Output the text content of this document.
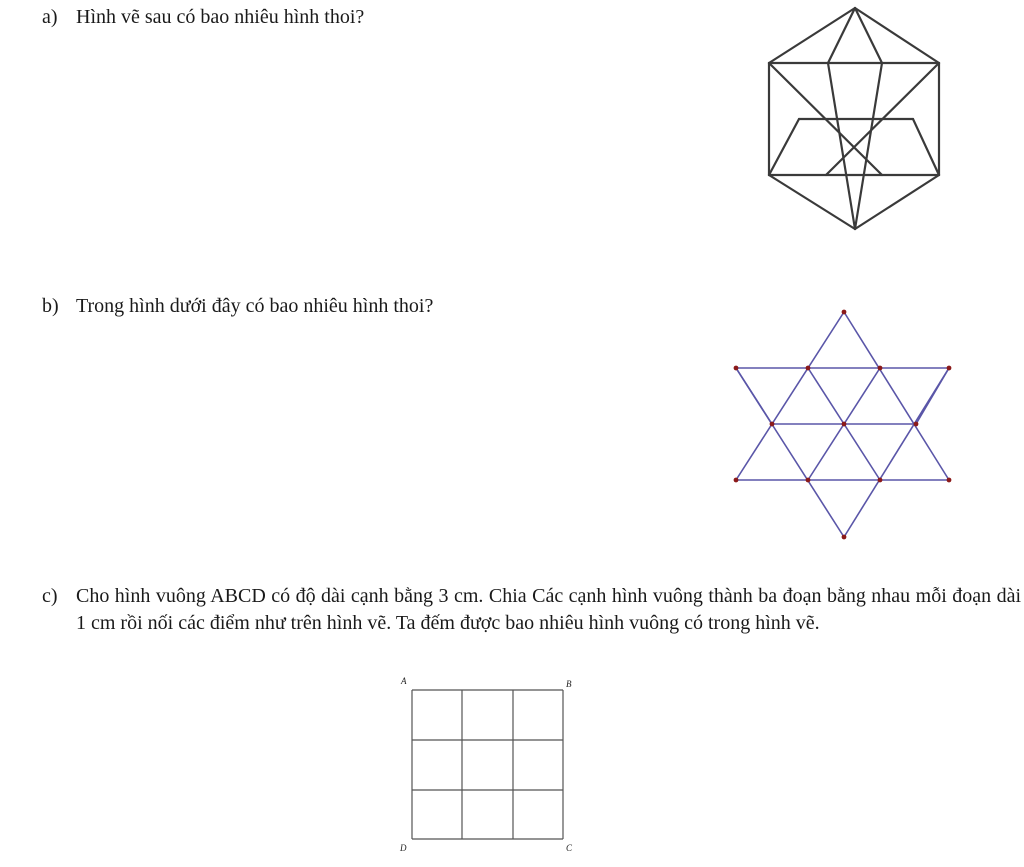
a) Hình vẽ sau có bao nhiêu hình thoi?
b) Trong hình dưới đây có bao nhiêu hình thoi?
c) Cho hình vuông ABCD có độ dài cạnh bằng 3 cm. Chia Các cạnh hình vuông thành ba đoạn bằng nhau mỗi đoạn dài 1 cm rồi nối các điểm như trên hình vẽ. Ta đếm được bao nhiêu hình vuông có trong hình vẽ.
A	B
C
D
